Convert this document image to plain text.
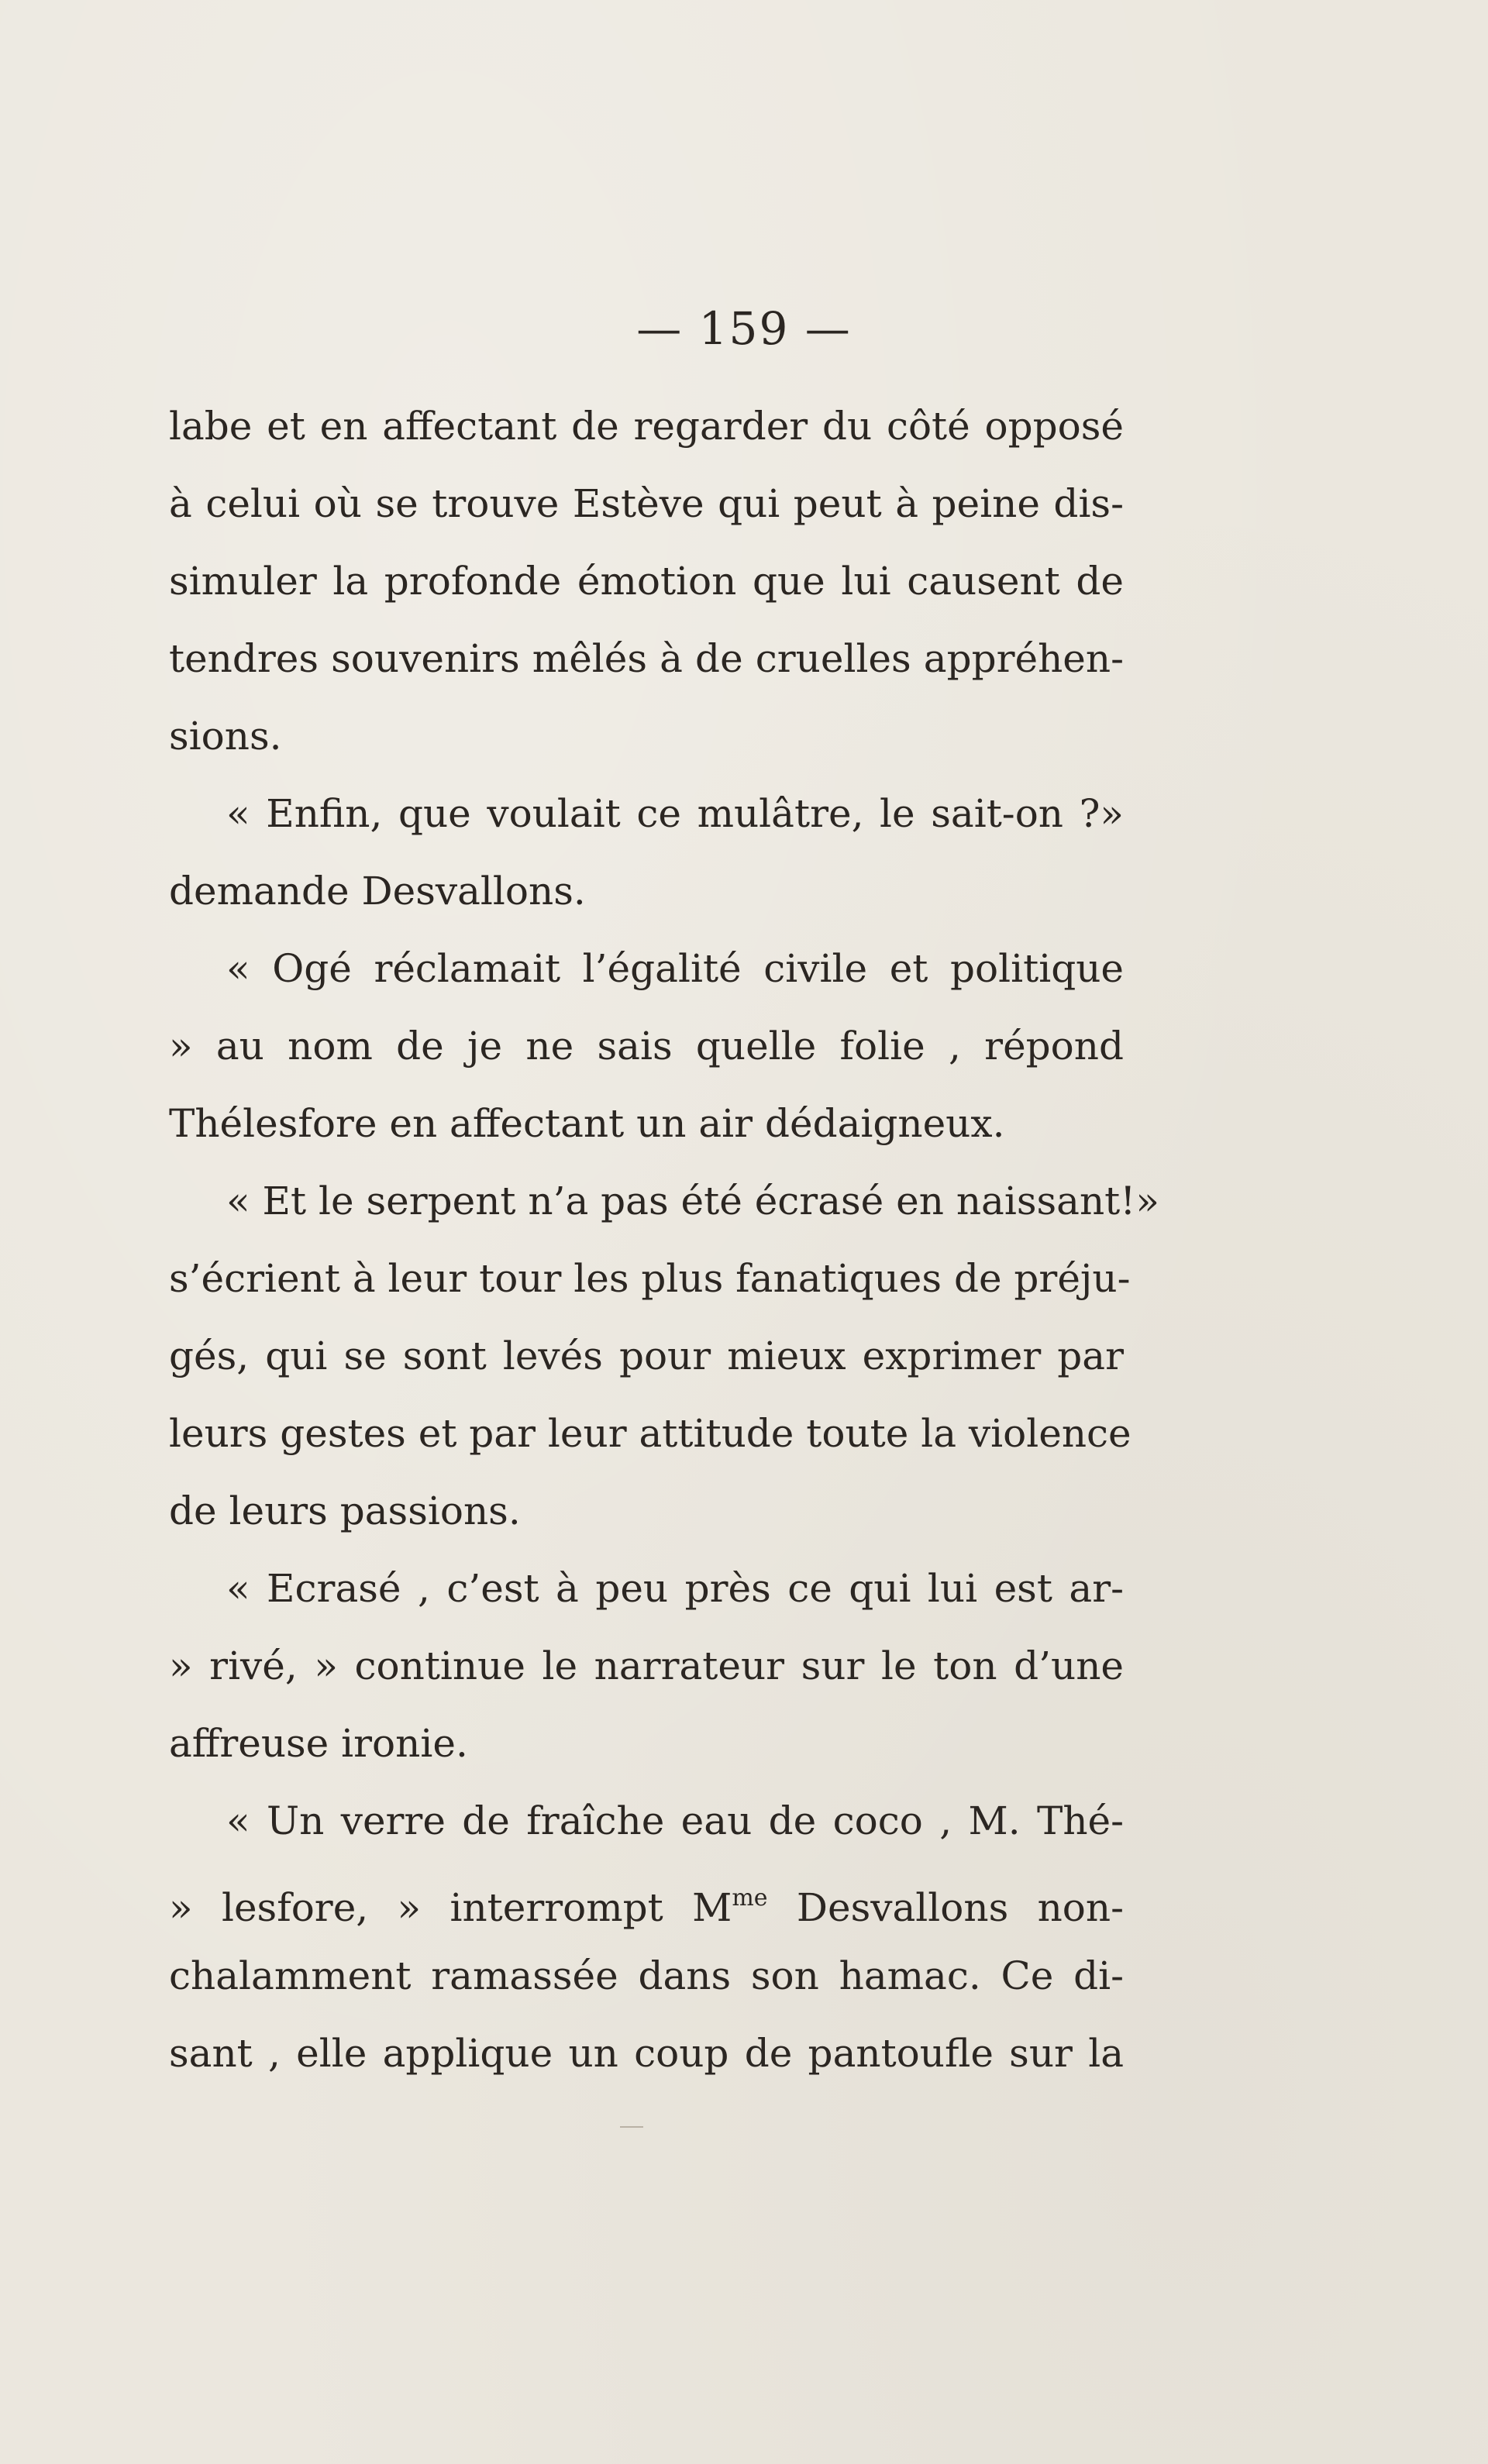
— 159 —
labe et en affectant de regarder du côté opposé
à celui où se trouve Estève qui peut à peine dis-
simuler la profonde émotion que lui causent de
tendres souvenirs mêlés à de cruelles appréhen-
sions.
« Enfin, que voulait ce mulâtre, le sait-on ?»
demande Desvallons.
« Ogé réclamait l’égalité civile et politique
» au nom de je ne sais quelle folie , répond
Thélesfore en affectant un air dédaigneux.
« Et le serpent n’a pas été écrasé en naissant!»
s’écrient à leur tour les plus fanatiques de préju-
gés, qui se sont levés pour mieux exprimer par
leurs gestes et par leur attitude toute la violence
de leurs passions.
« Ecrasé , c’est à peu près ce qui lui est ar-
» rivé, » continue le narrateur sur le ton d’une
affreuse ironie.
« Un verre de fraîche eau de coco , M. Thé-
» lesfore, » interrompt $M^{me}$ Desvallons non-
chalamment ramassée dans son hamac. Ce di-
sant , elle applique un coup de pantoufle sur la
